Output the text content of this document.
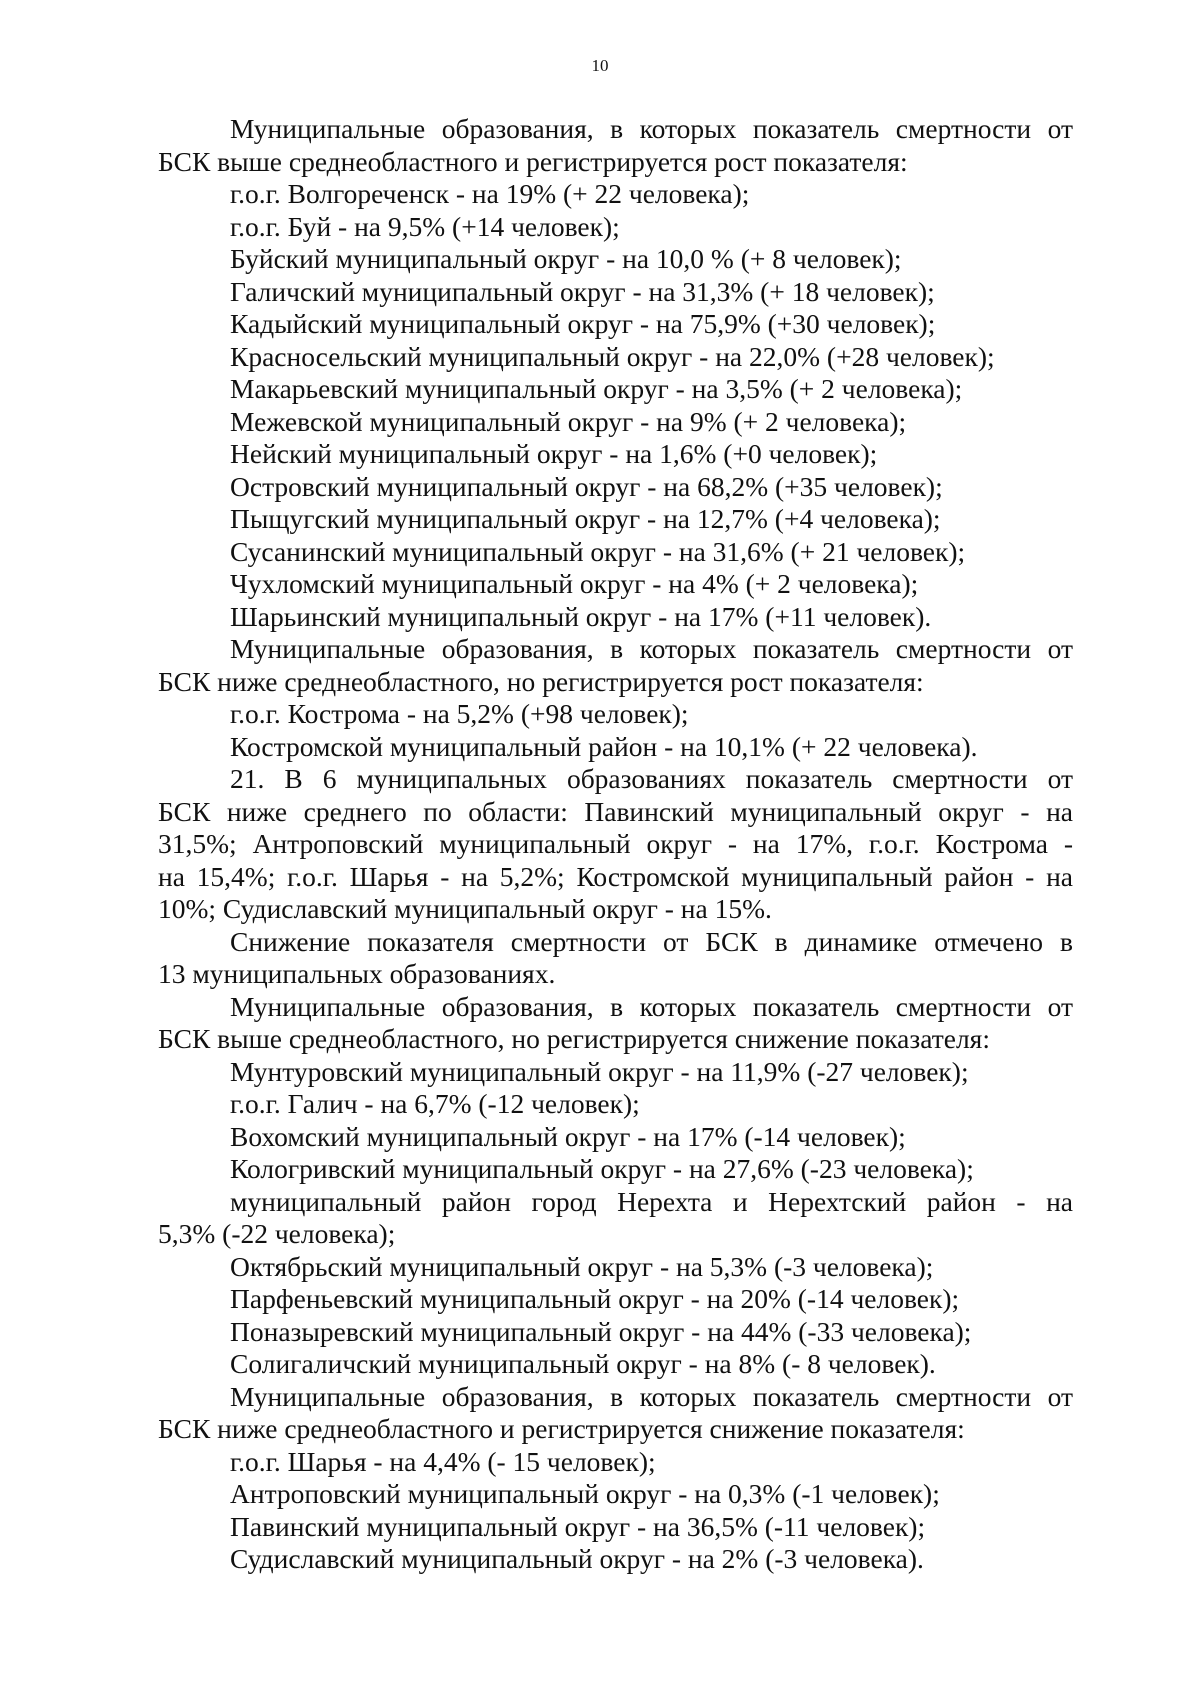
10

Муниципальные образования, в которых показатель смертности от

БСК выше среднеобластного и регистрируется рост показателя:

г.о.г. Волгореченск - на 19% (+ 22 человека);

г.о.г. Буй - на 9,5% (+14 человек);

Буйский муниципальный округ - на 10,0 % (+ 8 человек);

Галичский муниципальный округ - на 31,3% (+ 18 человек);

Кадыйский муниципальный округ - на 75,9% (+30 человек);

Красносельский муниципальный округ - на 22,0% (+28 человек);

Макарьевский муниципальный округ - на 3,5% (+ 2 человека);

Межевской муниципальный округ - на 9% (+ 2 человека);

Нейский муниципальный округ - на 1,6% (+0 человек);

Островский муниципальный округ - на 68,2% (+35 человек);

Пыщугский муниципальный округ - на 12,7% (+4 человека);

Сусанинский муниципальный округ - на 31,6% (+ 21 человек);

Чухломский муниципальный округ - на 4% (+ 2 человека);

Шарьинский муниципальный округ - на 17% (+11 человек).

Муниципальные образования, в которых показатель смертности от

БСК ниже среднеобластного, но регистрируется рост показателя:

г.о.г. Кострома - на 5,2% (+98 человек);

Костромской муниципальный район - на 10,1% (+ 22 человека).

21. В 6 муниципальных образованиях показатель смертности от

БСК ниже среднего по области: Павинский муниципальный округ - на

31,5%; Антроповский муниципальный округ - на 17%, г.о.г. Кострома -

на 15,4%; г.о.г. Шарья - на 5,2%; Костромской муниципальный район - на

10%; Судиславский муниципальный округ - на 15%.

Снижение показателя смертности от БСК в динамике отмечено в

13 муниципальных образованиях.

Муниципальные образования, в которых показатель смертности от

БСК выше среднеобластного, но регистрируется снижение показателя:

Мунтуровский муниципальный округ - на 11,9% (-27 человек);

г.о.г. Галич - на 6,7% (-12 человек);

Вохомский муниципальный округ - на 17% (-14 человек);

Кологривский муниципальный округ - на 27,6% (-23 человека);

муниципальный район город Нерехта и Нерехтский район - на

5,3% (-22 человека);

Октябрьский муниципальный округ - на 5,3% (-3 человека);

Парфеньевский муниципальный округ - на 20% (-14 человек);

Поназыревский муниципальный округ - на 44% (-33 человека);

Солигаличский муниципальный округ - на 8% (- 8 человек).

Муниципальные образования, в которых показатель смертности от

БСК ниже среднеобластного и регистрируется снижение показателя:

г.о.г. Шарья - на 4,4% (- 15 человек);

Антроповский муниципальный округ - на 0,3% (-1 человек);

Павинский муниципальный округ - на 36,5% (-11 человек);

Судиславский муниципальный округ - на 2% (-3 человека).
